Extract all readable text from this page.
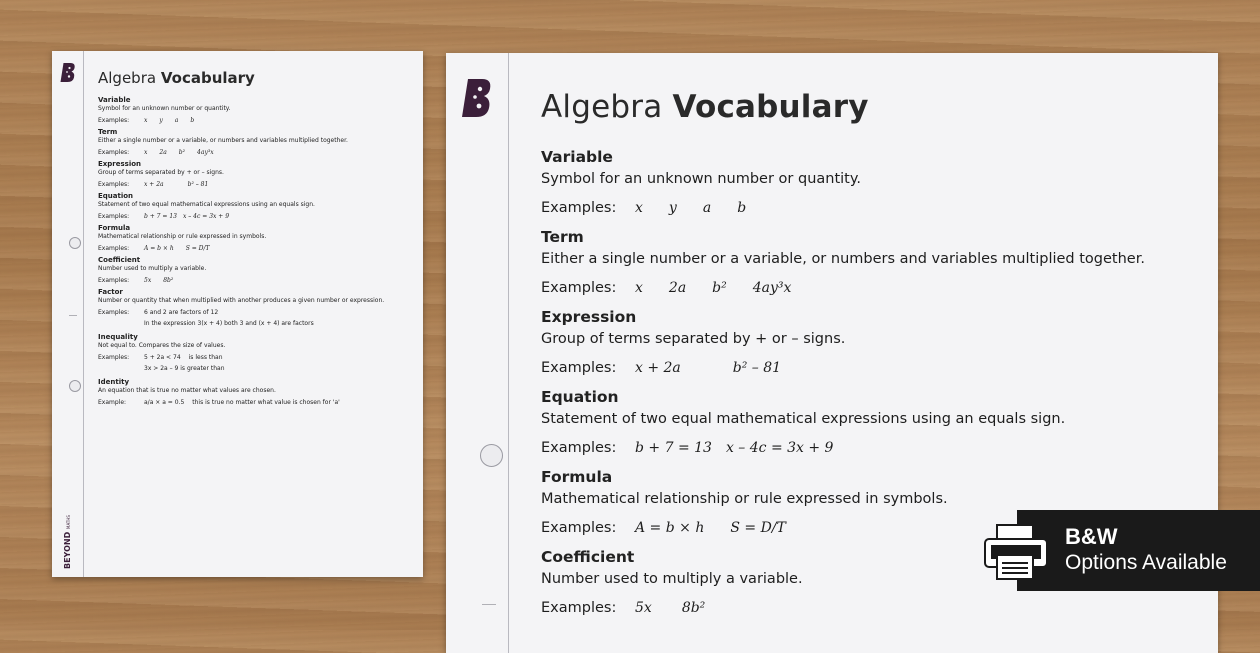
BEYOND
MATHS
Algebra Vocabulary
Variable
Symbol for an unknown number or quantity.
Examples:	x y a b
Term
Either a single number or a variable, or numbers and variables multiplied together.
Examples:	x 2a b² 4ay³x
Expression
Group of terms separated by + or – signs.
Examples:	x + 2a	b² – 81
Equation
Statement of two equal mathematical expressions using an equals sign.
Examples:	b + 7 = 13 x – 4c = 3x + 9
Formula
Mathematical relationship or rule expressed in symbols.
Examples:	A = b × h S = D/T
Coefficient
Number used to multiply a variable.
Examples:	5x 8b²
Factor
Number or quantity that when multiplied with another produces a given number or expression.
Examples:	6 and 2 are factors of 12
In the expression 3(x + 4) both 3 and (x + 4) are factors
Inequality
Not equal to. Compares the size of values.
Examples:	5 + 2a < 74 is less than
3x > 2a – 9 is greater than
Identity
An equation that is true no matter what values are chosen.
Example:	a/a × a = 0.5 this is true no matter what value is chosen for 'a'
Algebra Vocabulary
Variable
Symbol for an unknown number or quantity.
Examples:	x y a b
Term
Either a single number or a variable, or numbers and variables multiplied together.
Examples:	x 2a b² 4ay³x
Expression
Group of terms separated by + or – signs.
Examples:	x + 2a	b² – 81
Equation
Statement of two equal mathematical expressions using an equals sign.
Examples:	b + 7 = 13 x – 4c = 3x + 9
Formula
Mathematical relationship or rule expressed in symbols.
Examples:	A = b × h S = D/T
Coefficient
Number used to multiply a variable.
Examples:	5x 8b²
B&W
Options Available
